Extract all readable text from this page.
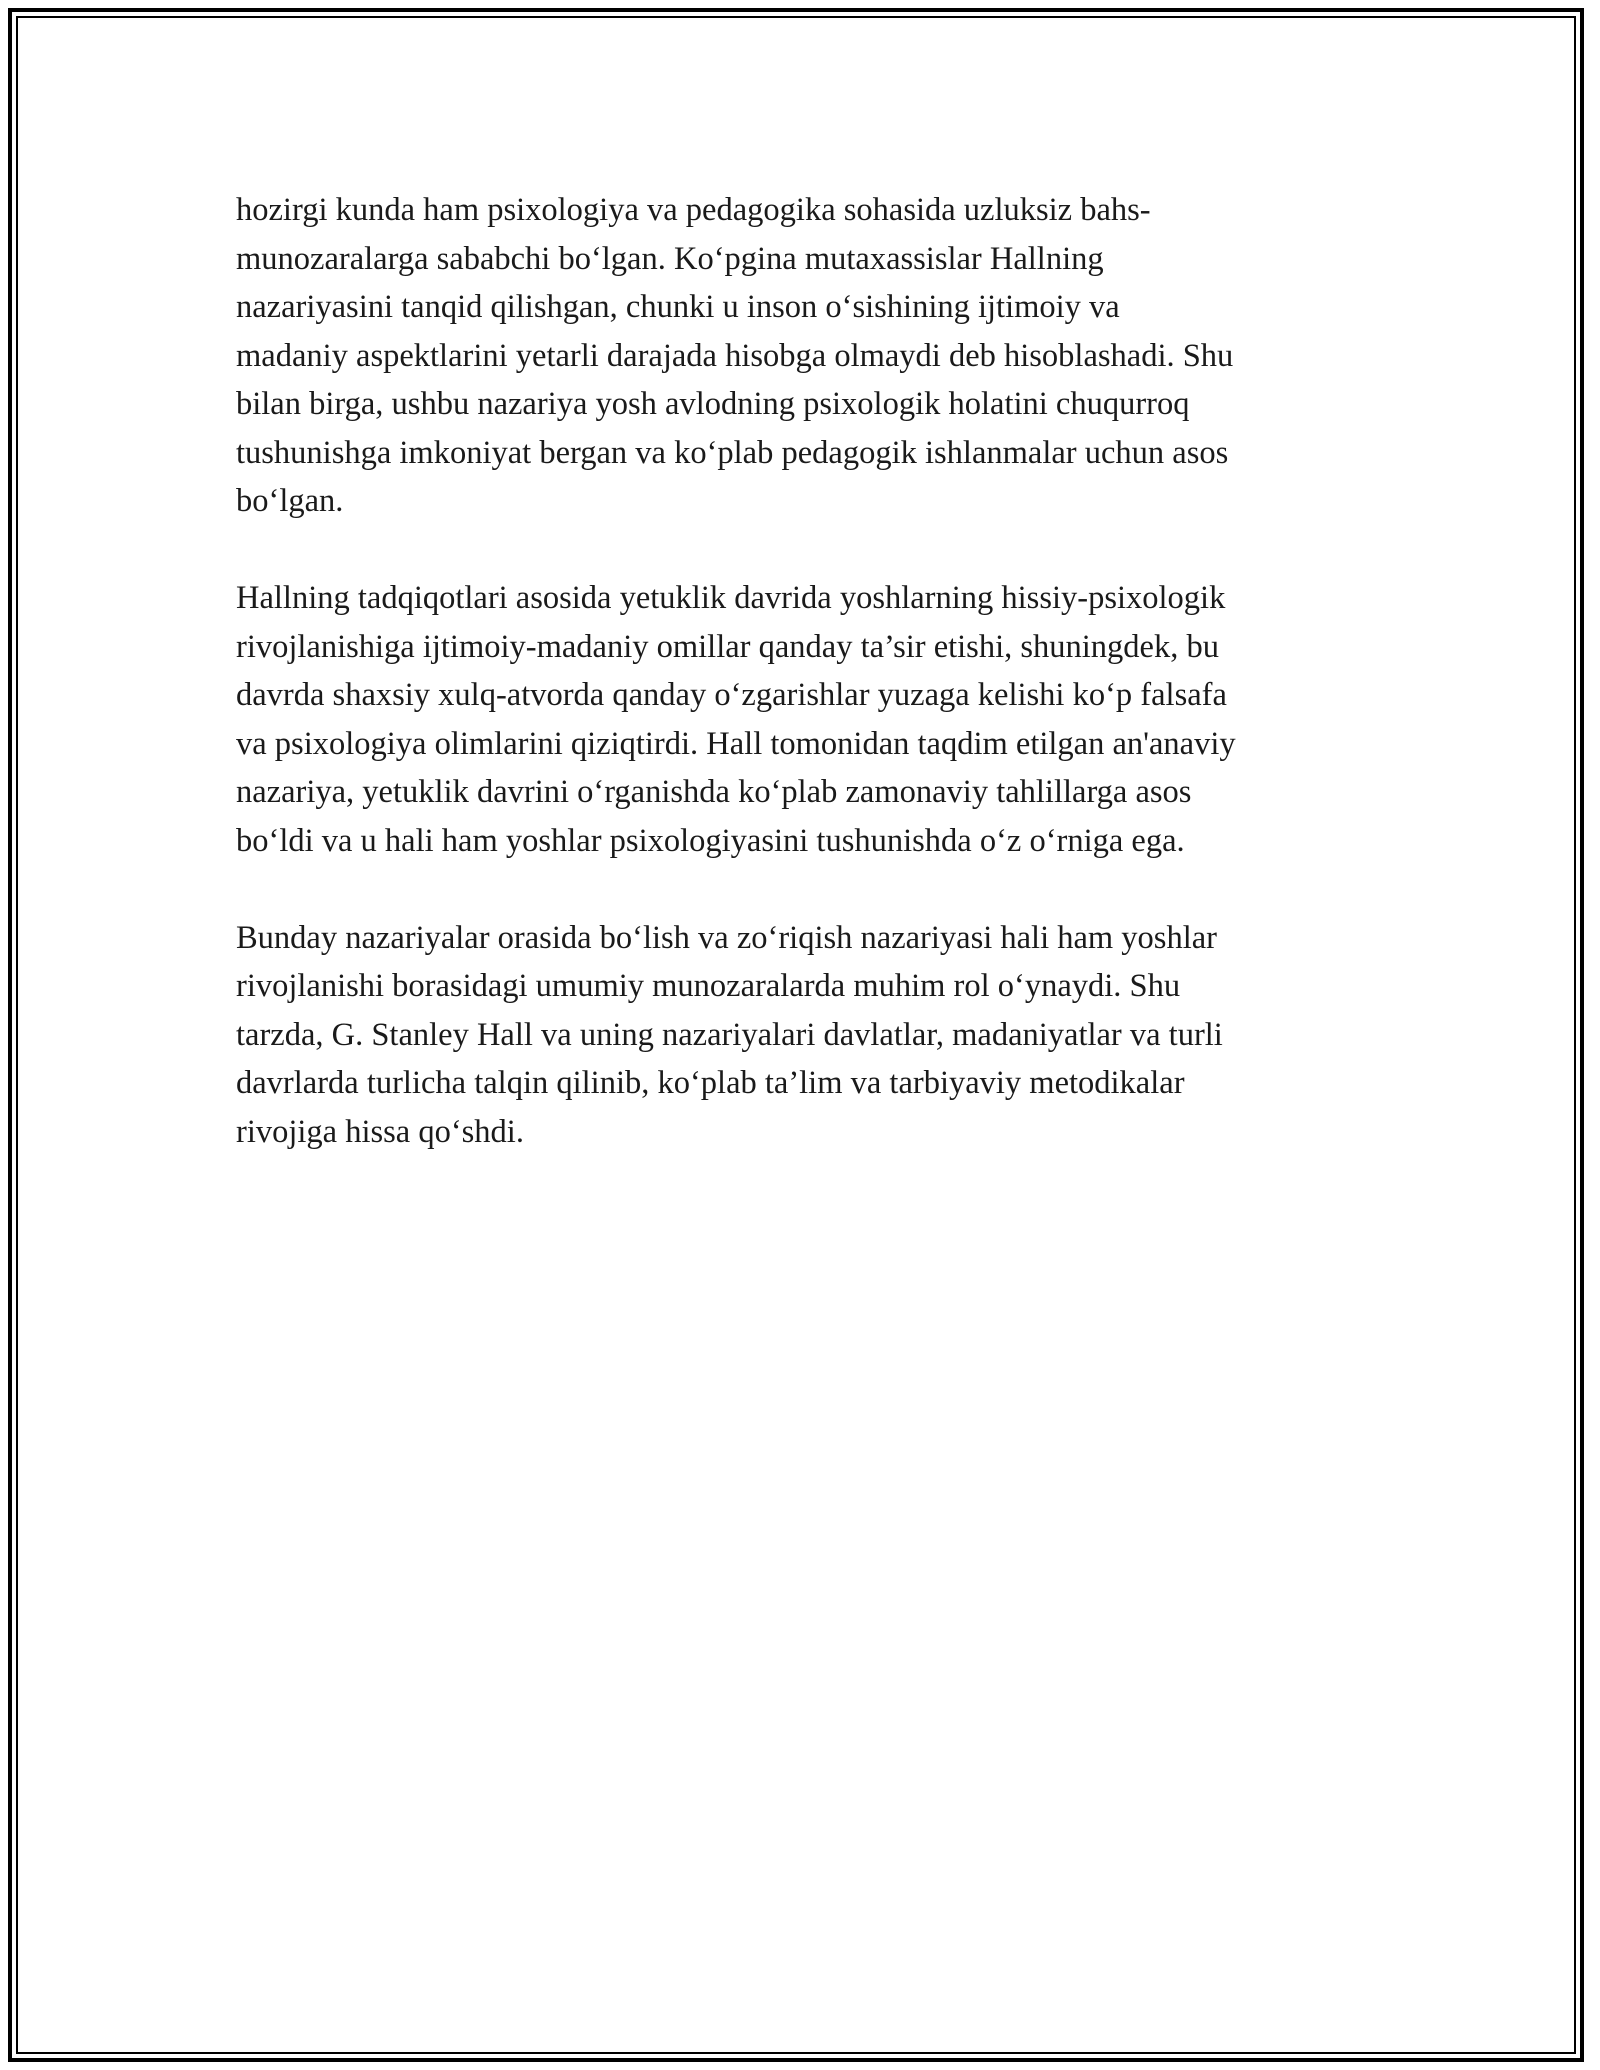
hozirgi kunda ham psixologiya va pedagogika sohasida uzluksiz bahs-
munozaralarga sababchi bo‘lgan. Ko‘pgina mutaxassislar Hallning
nazariyasini tanqid qilishgan, chunki u inson o‘sishining ijtimoiy va
madaniy aspektlarini yetarli darajada hisobga olmaydi deb hisoblashadi. Shu
bilan birga, ushbu nazariya yosh avlodning psixologik holatini chuqurroq
tushunishga imkoniyat bergan va ko‘plab pedagogik ishlanmalar uchun asos
bo‘lgan.

Hallning tadqiqotlari asosida yetuklik davrida yoshlarning hissiy-psixologik
rivojlanishiga ijtimoiy-madaniy omillar qanday ta’sir etishi, shuningdek, bu
davrda shaxsiy xulq-atvorda qanday o‘zgarishlar yuzaga kelishi ko‘p falsafa
va psixologiya olimlarini qiziqtirdi. Hall tomonidan taqdim etilgan an'anaviy
nazariya, yetuklik davrini o‘rganishda ko‘plab zamonaviy tahlillarga asos
bo‘ldi va u hali ham yoshlar psixologiyasini tushunishda o‘z o‘rniga ega.

Bunday nazariyalar orasida bo‘lish va zo‘riqish nazariyasi hali ham yoshlar
rivojlanishi borasidagi umumiy munozaralarda muhim rol o‘ynaydi. Shu
tarzda, G. Stanley Hall va uning nazariyalari davlatlar, madaniyatlar va turli
davrlarda turlicha talqin qilinib, ko‘plab ta’lim va tarbiyaviy metodikalar
rivojiga hissa qo‘shdi.
